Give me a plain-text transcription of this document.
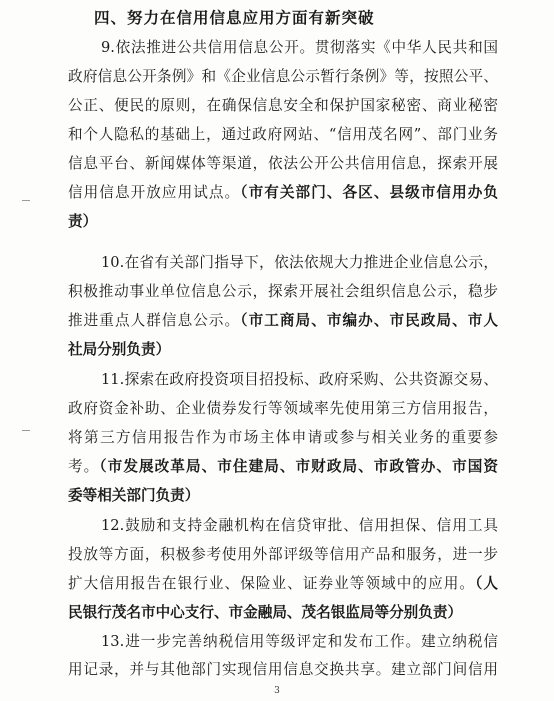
四、努力在信用信息应用方面有新突破
9.依法推进公共信用信息公开。贯彻落实《中华人民共和国
政府信息公开条例》和《企业信息公示暂行条例》等，按照公平、
公正、便民的原则，在确保信息安全和保护国家秘密、商业秘密
和个人隐私的基础上，通过政府网站、“信用茂名网”、部门业务
信息平台、新闻媒体等渠道，依法公开公共信用信息，探索开展
信用信息开放应用试点。（市有关部门、各区、县级市信用办负
责）
10.在省有关部门指导下，依法依规大力推进企业信息公示，
积极推动事业单位信息公示，探索开展社会组织信息公示，稳步
推进重点人群信息公示。（市工商局、市编办、市民政局、市人
社局分别负责）
11.探索在政府投资项目招投标、政府采购、公共资源交易、
政府资金补助、企业债券发行等领域率先使用第三方信用报告，
将第三方信用报告作为市场主体申请或参与相关业务的重要参
考。（市发展改革局、市住建局、市财政局、市政管办、市国资
委等相关部门负责）
12.鼓励和支持金融机构在信贷审批、信用担保、信用工具
投放等方面，积极参考使用外部评级等信用产品和服务，进一步
扩大信用报告在银行业、保险业、证券业等领域中的应用。（人
民银行茂名市中心支行、市金融局、茂名银监局等分别负责）
13.进一步完善纳税信用等级评定和发布工作。建立纳税信
用记录，并与其他部门实现信用信息交换共享。建立部门间信用
3
